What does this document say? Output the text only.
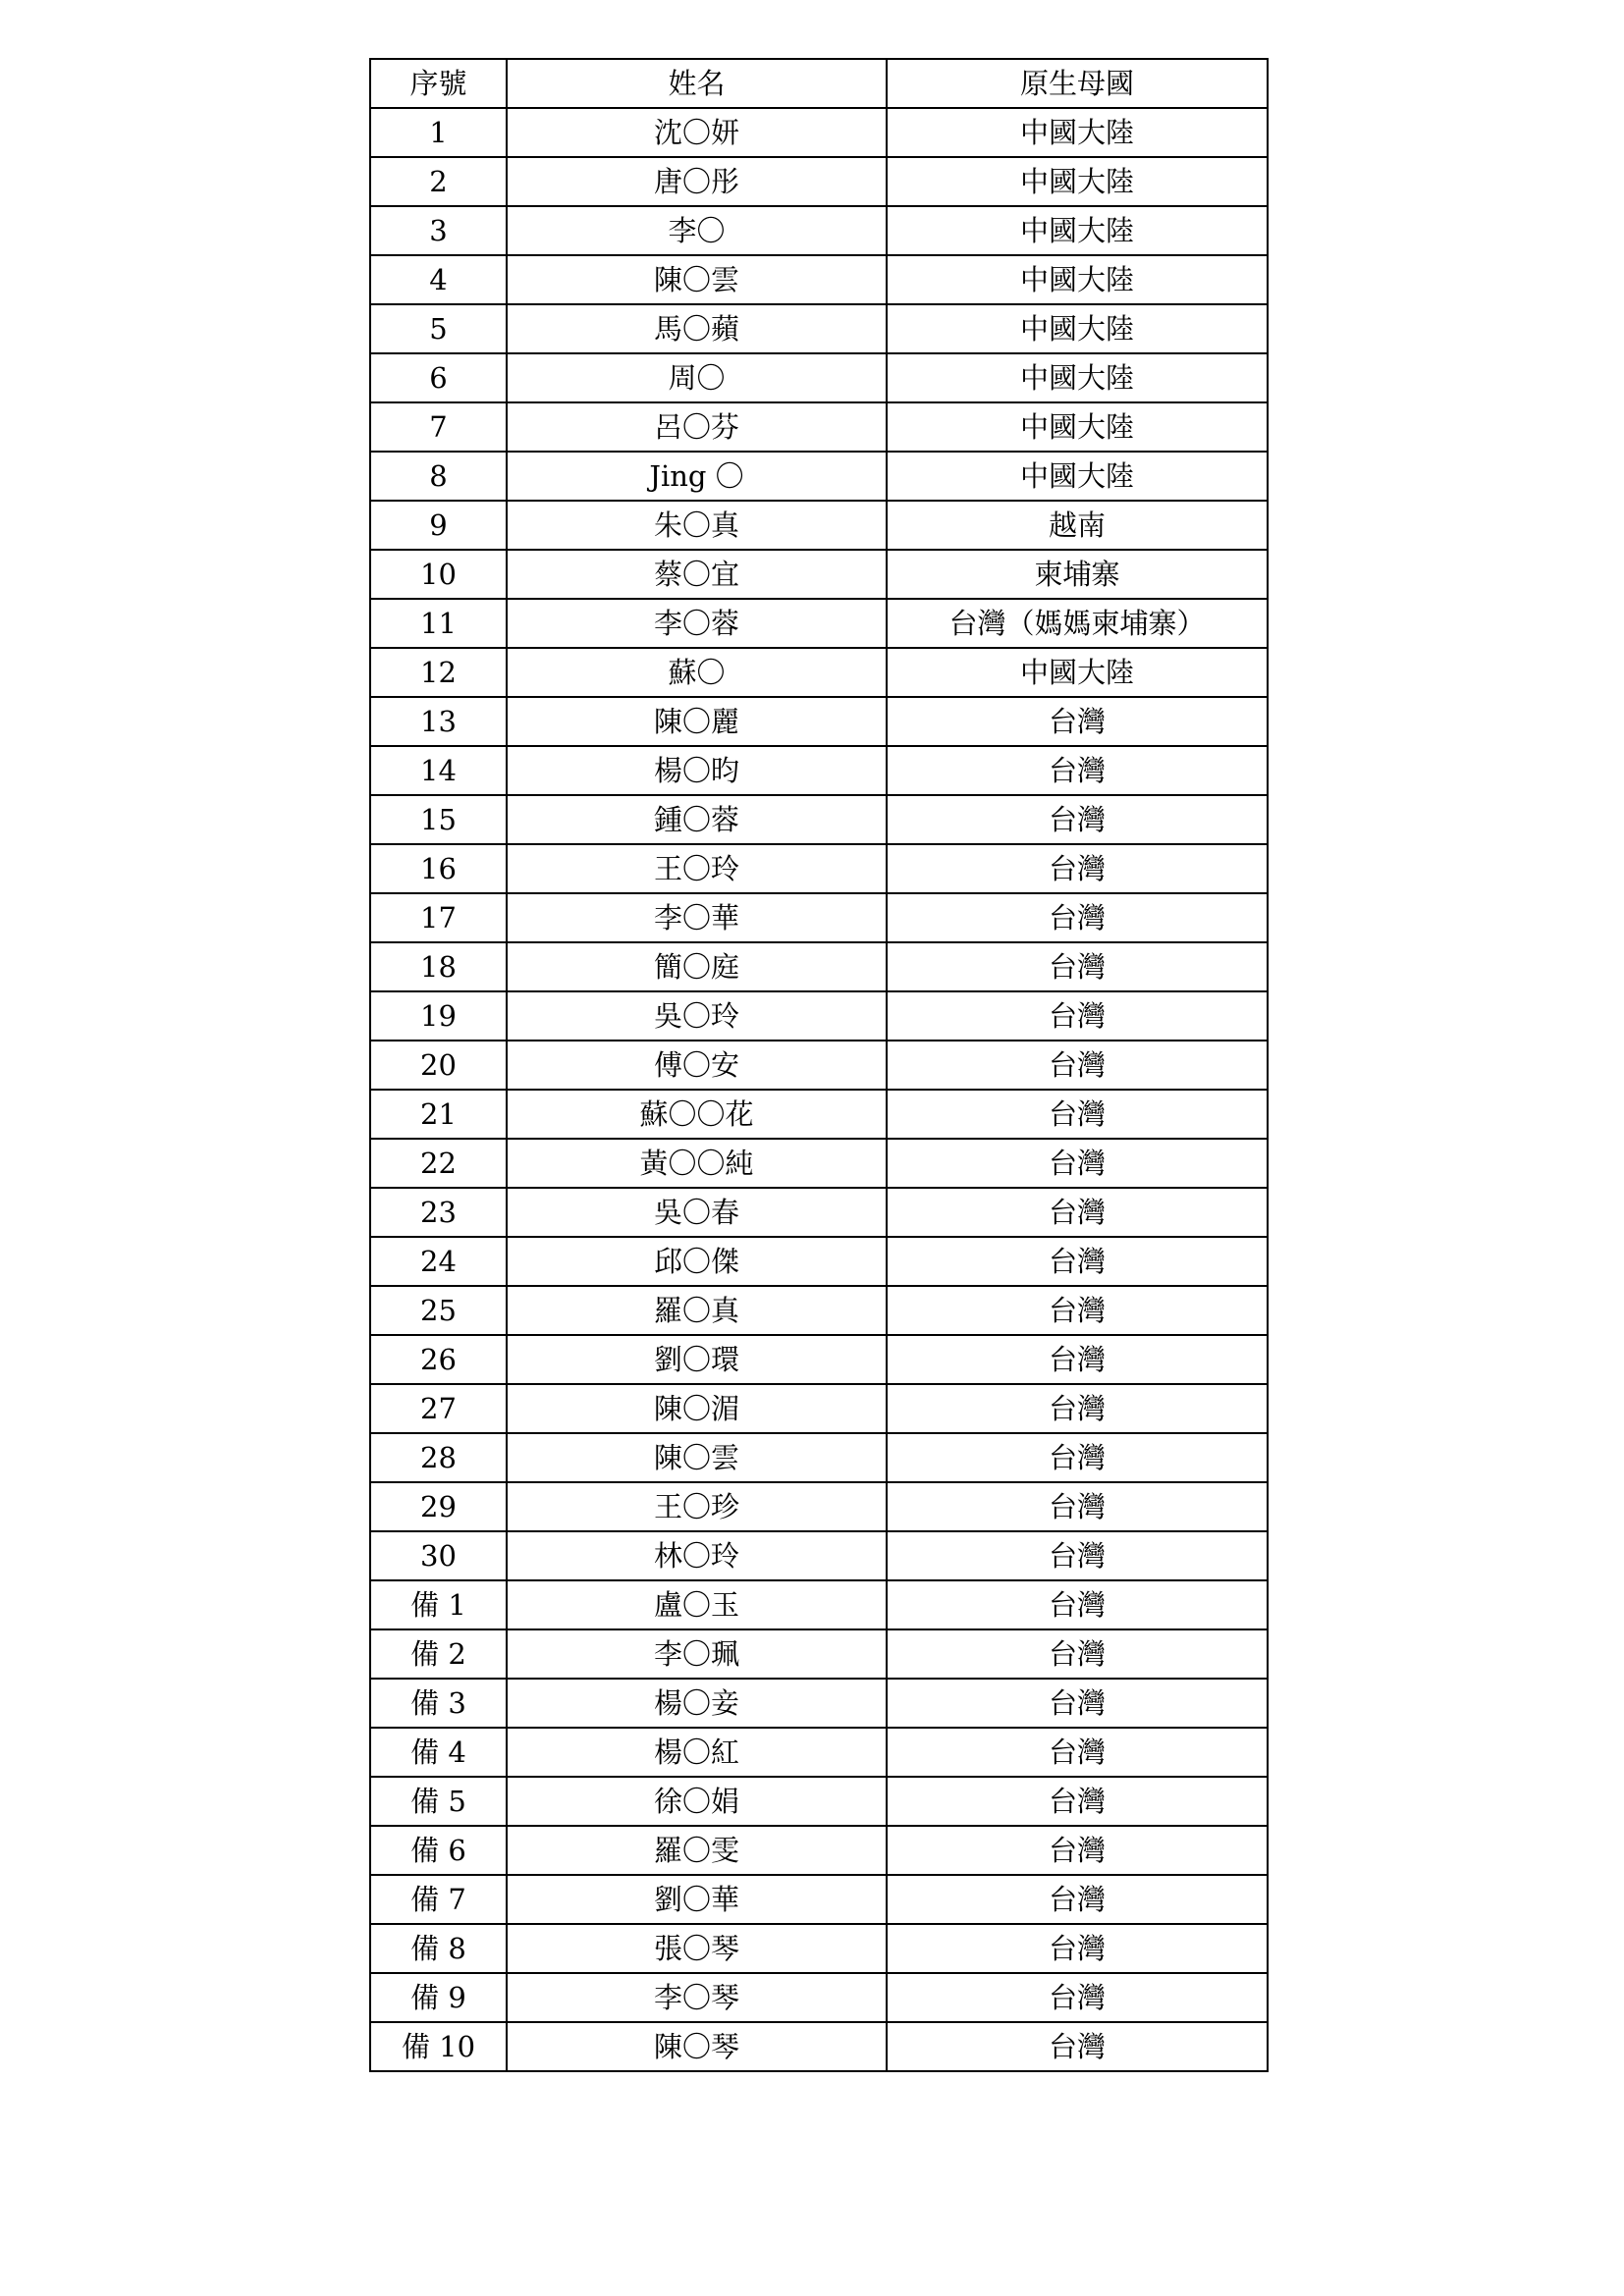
序號	姓名	原生母國
1	沈〇妍	中國大陸
2	唐〇彤	中國大陸
3	李〇	中國大陸
4	陳〇雲	中國大陸
5	馬〇蘋	中國大陸
6	周〇	中國大陸
7	呂〇芬	中國大陸
8	Jing 〇	中國大陸
9	朱〇真	越南
10	蔡〇宜	柬埔寨
11	李〇蓉	台灣（媽媽柬埔寨）
12	蘇〇	中國大陸
13	陳〇麗	台灣
14	楊〇昀	台灣
15	鍾〇蓉	台灣
16	王〇玲	台灣
17	李〇華	台灣
18	簡〇庭	台灣
19	吳〇玲	台灣
20	傅〇安	台灣
21	蘇〇〇花	台灣
22	黃〇〇純	台灣
23	吳〇春	台灣
24	邱〇傑	台灣
25	羅〇真	台灣
26	劉〇環	台灣
27	陳〇湄	台灣
28	陳〇雲	台灣
29	王〇珍	台灣
30	林〇玲	台灣
備 1	盧〇玉	台灣
備 2	李〇珮	台灣
備 3	楊〇妾	台灣
備 4	楊〇紅	台灣
備 5	徐〇娟	台灣
備 6	羅〇雯	台灣
備 7	劉〇華	台灣
備 8	張〇琴	台灣
備 9	李〇琴	台灣
備 10	陳〇琴	台灣
